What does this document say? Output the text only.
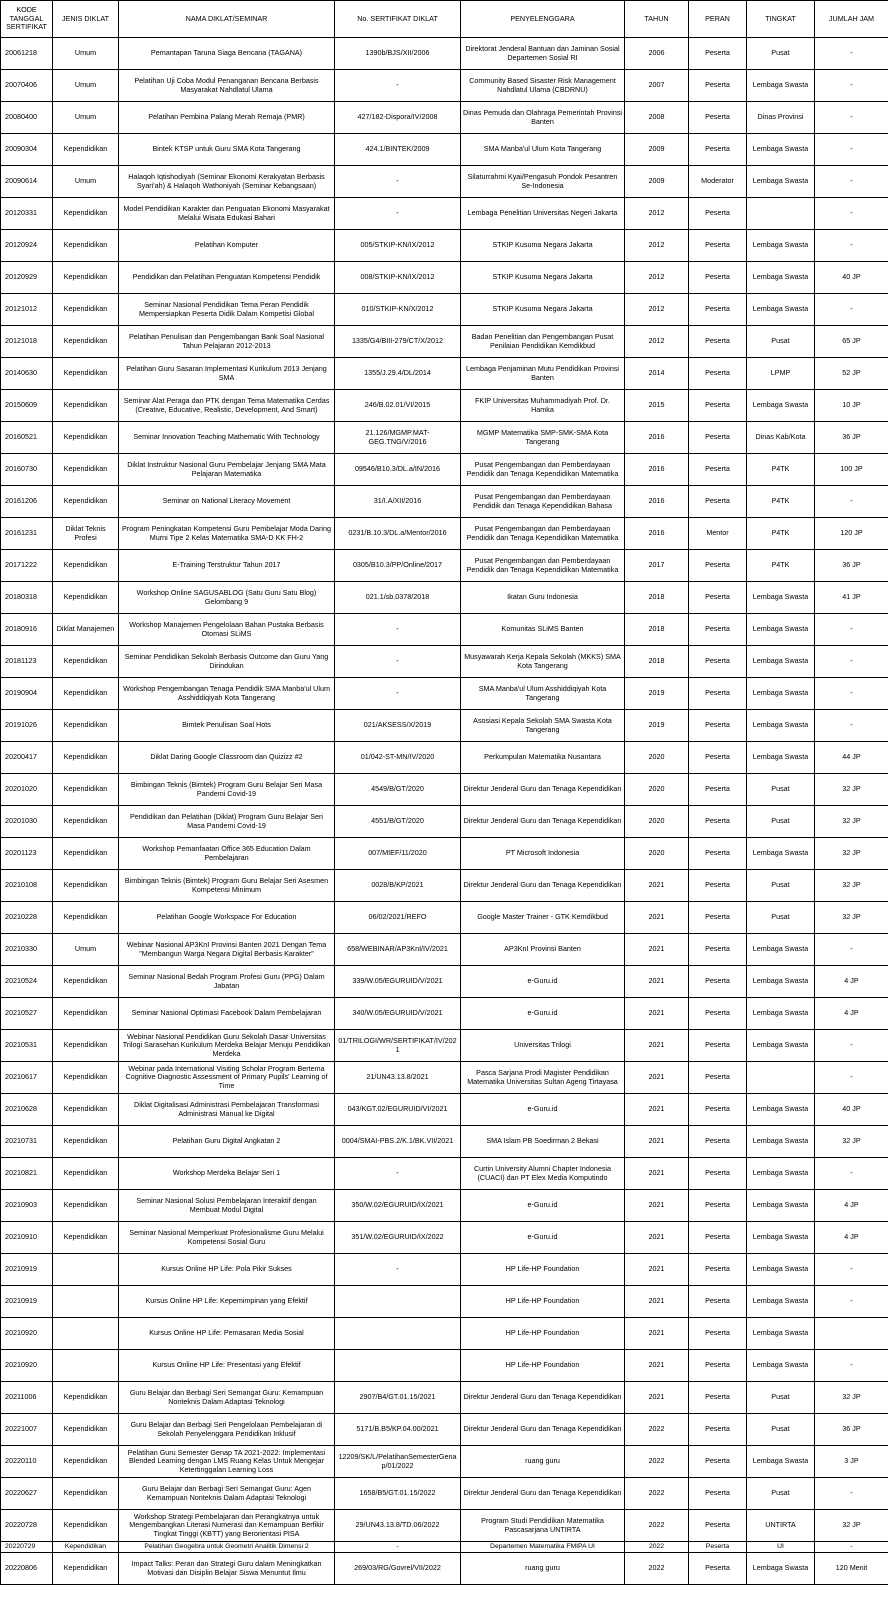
KODE TANGGAL SERTIFIKAT	JENIS DIKLAT	NAMA DIKLAT/SEMINAR	No. SERTIFIKAT DIKLAT	PENYELENGGARA	TAHUN	PERAN	TINGKAT	JUMLAH JAM
20061218	Umum	Pemantapan Taruna Siaga Bencana (TAGANA)	1390b/BJS/XII/2006	Direktorat Jenderal Bantuan dan Jaminan Sosial Departemen Sosial RI	2006	Peserta	Pusat	-
20070406	Umum	Pelatihan Uji Coba Modul Penanganan Bencana Berbasis Masyarakat Nahdlatul Ulama	-	Community Based Sisaster Risk Management Nahdlatul Ulama (CBDRNU)	2007	Peserta	Lembaga Swasta	-
20080400	Umum	Pelatihan Pembina Palang Merah Remaja (PMR)	427/182-Dispora/IV/2008	Dinas Pemuda dan Olahraga Pemerintah Provinsi Banten	2008	Peserta	Dinas Provinsi	-
20090304	Kependidikan	Bintek KTSP untuk Guru SMA Kota Tangerang	424.1/BINTEK/2009	SMA Manba'ul Ulum Kota Tangerang	2009	Peserta	Lembaga Swasta	-
20090614	Umum	Halaqoh Iqtishodiyah (Seminar Ekonomi Kerakyatan Berbasis Syari'ah) & Halaqoh Wathoniyah (Seminar Kebangsaan)	-	Silaturrahmi Kyai/Pengasuh Pondok Pesantren Se-Indonesia	2009	Moderator	Lembaga Swasta	-
20120331	Kependidikan	Model Pendidikan Karakter dan Penguatan Ekonomi Masyarakat Melalui Wisata Edukasi Bahari	-	Lembaga Penelitian Universitas Negeri Jakarta	2012	Peserta		-
20120924	Kependidikan	Pelatihan Komputer	005/STKIP-KN/IX/2012	STKIP Kusuma Negara Jakarta	2012	Peserta	Lembaga Swasta	-
20120929	Kependidikan	Pendidikan dan Pelatihan Penguatan Kompetensi Pendidik	008/STKIP-KN/IX/2012	STKIP Kusuma Negara Jakarta	2012	Peserta	Lembaga Swasta	40 JP
20121012	Kependidikan	Seminar Nasional Pendidikan Tema Peran Pendidik Mempersiapkan Peserta Didik Dalam Kompetisi Global	010/STKIP-KN/X/2012	STKIP Kusuma Negara Jakarta	2012	Peserta	Lembaga Swasta	-
20121018	Kependidikan	Pelatihan Penulisan dan Pengembangan Bank Soal Nasional Tahun Pelajaran 2012-2013	1335/G4/BIII-279/CT/X/2012	Badan Penelitian dan Pengembangan Pusat Penilaian Pendidikan Kemdikbud	2012	Peserta	Pusat	65 JP
20140630	Kependidikan	Pelatihan Guru Sasaran Implementasi Kurikulum 2013 Jenjang SMA	1355/J.29.4/DL/2014	Lembaga Penjaminan Mutu Pendidikan Provinsi Banten	2014	Peserta	LPMP	52 JP
20150609	Kependidikan	Seminar Alat Peraga dan PTK dengan Tema Matematika Cerdas (Creative, Educative, Realistic, Development, And Smart)	246/B.02.01/VI/2015	FKIP Universitas Muhammadiyah Prof. Dr. Hamka	2015	Peserta	Lembaga Swasta	10 JP
20160521	Kependidikan	Seminar Innovation Teaching Mathematic With Technology	21.126/MGMP.MAT-GEG.TNG/V/2016	MGMP Matematika SMP-SMK-SMA Kota Tangerang	2016	Peserta	Dinas Kab/Kota	36 JP
20160730	Kependidikan	Diklat Instruktur Nasional Guru Pembelajar Jenjang SMA Mata Pelajaran Matematika	09546/B10.3/DL.a/IN/2016	Pusat Pengembangan dan Pemberdayaan Pendidik dan Tenaga Kependidikan Matematika	2016	Peserta	P4TK	100 JP
20161206	Kependidikan	Seminar on National Literacy Movement	31/I.A/XII/2016	Pusat Pengembangan dan Pemberdayaan Pendidik dan Tenaga Kependidikan Bahasa	2016	Peserta	P4TK	-
20161231	Diklat Teknis Profesi	Program Peningkatan Kompetensi Guru Pembelajar Moda Daring Murni Tipe 2 Kelas Matematika SMA-D KK FH-2	0231/B.10.3/DL.a/Mentor/2016	Pusat Pengembangan dan Pemberdayaan Pendidik dan Tenaga Kependidikan Matematika	2016	Mentor	P4TK	120 JP
20171222	Kependidikan	E-Training Terstruktur Tahun 2017	0305/B10.3/PP/Online/2017	Pusat Pengembangan dan Pemberdayaan Pendidik dan Tenaga Kependidikan Matematika	2017	Peserta	P4TK	36 JP
20180318	Kependidikan	Workshop Online SAGUSABLOG (Satu Guru Satu Blog) Gelombang 9	021.1/sb.0378/2018	Ikatan Guru Indonesia	2018	Peserta	Lembaga Swasta	41 JP
20180916	Diklat Manajemen	Workshop Manajemen Pengelolaan Bahan Pustaka Berbasis Otomasi SLiMS	-	Komunitas SLiMS Banten	2018	Peserta	Lembaga Swasta	-
20181123	Kependidikan	Seminar Pendidikan Sekolah Berbasis Outcome dan Guru Yang Dirindukan	-	Musyawarah Kerja Kepala Sekolah (MKKS) SMA Kota Tangerang	2018	Peserta	Lembaga Swasta	-
20190904	Kependidikan	Workshop Pengembangan Tenaga Pendidik SMA Manba'ul Ulum Asshiddiqiyah Kota Tangerang	-	SMA Manba'ul Ulum Asshiddiqiyah Kota Tangerang	2019	Peserta	Lembaga Swasta	-
20191026	Kependidikan	Bimtek Penulisan Soal Hots	021/AKSESS/X/2019	Asosiasi Kepala Sekolah SMA Swasta Kota Tangerang	2019	Peserta	Lembaga Swasta	-
20200417	Kependidikan	Diklat Daring Google Classroom dan Quizizz #2	01/042-ST-MN/IV/2020	Perkumpulan Matematika Nusantara	2020	Peserta	Lembaga Swasta	44 JP
20201020	Kependidikan	Bimbingan Teknis (Bimtek) Program Guru Belajar Seri Masa Pandemi Covid-19	4549/B/GT/2020	Direktur Jenderal Guru dan Tenaga Kependidikan	2020	Peserta	Pusat	32 JP
20201030	Kependidikan	Pendidikan dan Pelatihan (Diklat) Program Guru Belajar Seri Masa Pandemi Covid-19	4551/B/GT/2020	Direktur Jenderal Guru dan Tenaga Kependidikan	2020	Peserta	Pusat	32 JP
20201123	Kependidikan	Workshop Pemanfaatan Office 365 Education Dalam Pembelajaran	007/MIEF/11/2020	PT Microsoft Indonesia	2020	Peserta	Lembaga Swasta	32 JP
20210108	Kependidikan	Bimbingan Teknis (Bimtek) Program Guru Belajar Seri Asesmen Kompetensi Minimum	0028/B/KP/2021	Direktur Jenderal Guru dan Tenaga Kependidikan	2021	Peserta	Pusat	32 JP
20210228	Kependidikan	Pelatihan Google Workspace For Education	06/02/2021/REFO	Google Master Trainer - GTK Kemdikbud	2021	Peserta	Pusat	32 JP
20210330	Umum	Webinar Nasional AP3KnI Provinsi Banten 2021 Dengan Tema "Membangun Warga Negara Digital Berbasis Karakter"	658/WEBINAR/AP3KnI/IV/2021	AP3KnI Provinsi Banten	2021	Peserta	Lembaga Swasta	-
20210524	Kependidikan	Seminar Nasional Bedah Program Profesi Guru (PPG) Dalam Jabatan	339/W.05/EGURUID/V/2021	e-Guru.id	2021	Peserta	Lembaga Swasta	4 JP
20210527	Kependidikan	Seminar Nasional Optimasi Facebook Dalam Pembelajaran	340/W.05/EGURUID/V/2021	e-Guru.id	2021	Peserta	Lembaga Swasta	4 JP
20210531	Kependidikan	Webinar Nasional Pendidikan Guru Sekolah Dasar Universitas Trilogi Sarasehan Kurikulum Merdeka Belajar Menuju Pendidikan Merdeka	01/TRILOGI/WR/SERTIFIKAT/IV/2021	Universitas Trilogi	2021	Peserta	Lembaga Swasta	-
20210617	Kependidikan	Webinar pada International Visiting Scholar Program Bertema Cognitive Diagnostic Assessment of Primary Pupils' Learning of Time	21/UN43.13.8/2021	Pasca Sarjana Prodi Magister Pendidikan Matematika Universitas Sultan Ageng Tirtayasa	2021	Peserta		-
20210628	Kependidikan	Diklat Digitalisasi Administrasi Pembelajaran Transformasi Administrasi Manual ke Digital	043/KGT.02/EGURUID/VI/2021	e-Guru.id	2021	Peserta	Lembaga Swasta	40 JP
20210731	Kependidikan	Pelatihan Guru Digital Angkatan 2	0004/SMAI-PBS.2/K.1/BK.VII/2021	SMA Islam PB Soedirman 2 Bekasi	2021	Peserta	Lembaga Swasta	32 JP
20210821	Kependidikan	Workshop Merdeka Belajar Seri 1	-	Curtin University Alumni Chapter Indonesia (CUACI) dan PT Elex Media Komputindo	2021	Peserta	Lembaga Swasta	-
20210903	Kependidikan	Seminar Nasional Solusi Pembelajaran Interaktif dengan Membuat Modul Digital	350/W.02/EGURUID/IX/2021	e-Guru.id	2021	Peserta	Lembaga Swasta	4 JP
20210910	Kependidikan	Seminar Nasional Memperkuat Profesionalisme Guru Melalui Kompetensi Sosial Guru	351/W.02/EGURUID/IX/2022	e-Guru.id	2021	Peserta	Lembaga Swasta	4 JP
20210919		Kursus Online HP Life: Pola Pikir Sukses	-	HP Life-HP Foundation	2021	Peserta	Lembaga Swasta	-
20210919		Kursus Online HP Life: Kepemimpinan yang Efektif		HP Life-HP Foundation	2021	Peserta	Lembaga Swasta	-
20210920		Kursus Online HP Life: Pemasaran Media Sosial		HP Life-HP Foundation	2021	Peserta	Lembaga Swasta	
20210920		Kursus Online HP Life: Presentasi yang Efektif		HP Life-HP Foundation	2021	Peserta	Lembaga Swasta	-
20211006	Kependidikan	Guru Belajar dan Berbagi Seri Semangat Guru: Kemampuan Nonteknis Dalam Adaptasi Teknologi	2907/B4/GT.01.15/2021	Direktur Jenderal Guru dan Tenaga Kependidikan	2021	Peserta	Pusat	32 JP
20221007	Kependidikan	Guru Belajar dan Berbagi Seri Pengelolaan Pembelajaran di Sekolah Penyelenggara Pendidikan Inklusif	5171/B.B5/KP.04.00/2021	Direktur Jenderal Guru dan Tenaga Kependidikan	2022	Peserta	Pusat	36 JP
20220110	Kependidikan	Pelatihan Guru Semester Genap TA 2021-2022: Implementasi Blended Learning dengan LMS Ruang Kelas Untuk Mengejar Ketertinggalan Learning Loss	12209/SK/L/PelatihanSemesterGenap/01/2022	ruang guru	2022	Peserta	Lembaga Swasta	3 JP
20220627	Kependidikan	Guru Belajar dan Berbagi Seri Semangat Guru: Agen Kemampuan Nonteknis Dalam Adaptasi Teknologi	1658/B5/GT.01.15/2022	Direktur Jenderal Guru dan Tenaga Kependidikan	2022	Peserta	Pusat	-
20220728	Kependidikan	Workshop Strategi Pembelajaran dan Perangkatnya untuk Mengembangkan Literasi Numerasi dan Kemampuan Berfikir Tingkat Tinggi (KBTT) yang Berorientasi PISA	29/UN43.13.8/TD.06/2022	Program Studi Pendidikan Matematika Pascasarjana UNTIRTA	2022	Peserta	UNTIRTA	32 JP
20220729	Kependidikan	Pelatihan Geogebra untuk Geometri Analitik Dimensi 2	-	Departemen Matematika FMIPA UI	2022	Peserta	UI	-
20220806	Kependidikan	Impact Talks: Peran dan Strategi Guru dalam Meningkatkan Motivasi dan Disiplin Belajar Siswa Menuntut Ilmu	269/03/RG/Govrel/VII/2022	ruang guru	2022	Peserta	Lembaga Swasta	120 Menit
